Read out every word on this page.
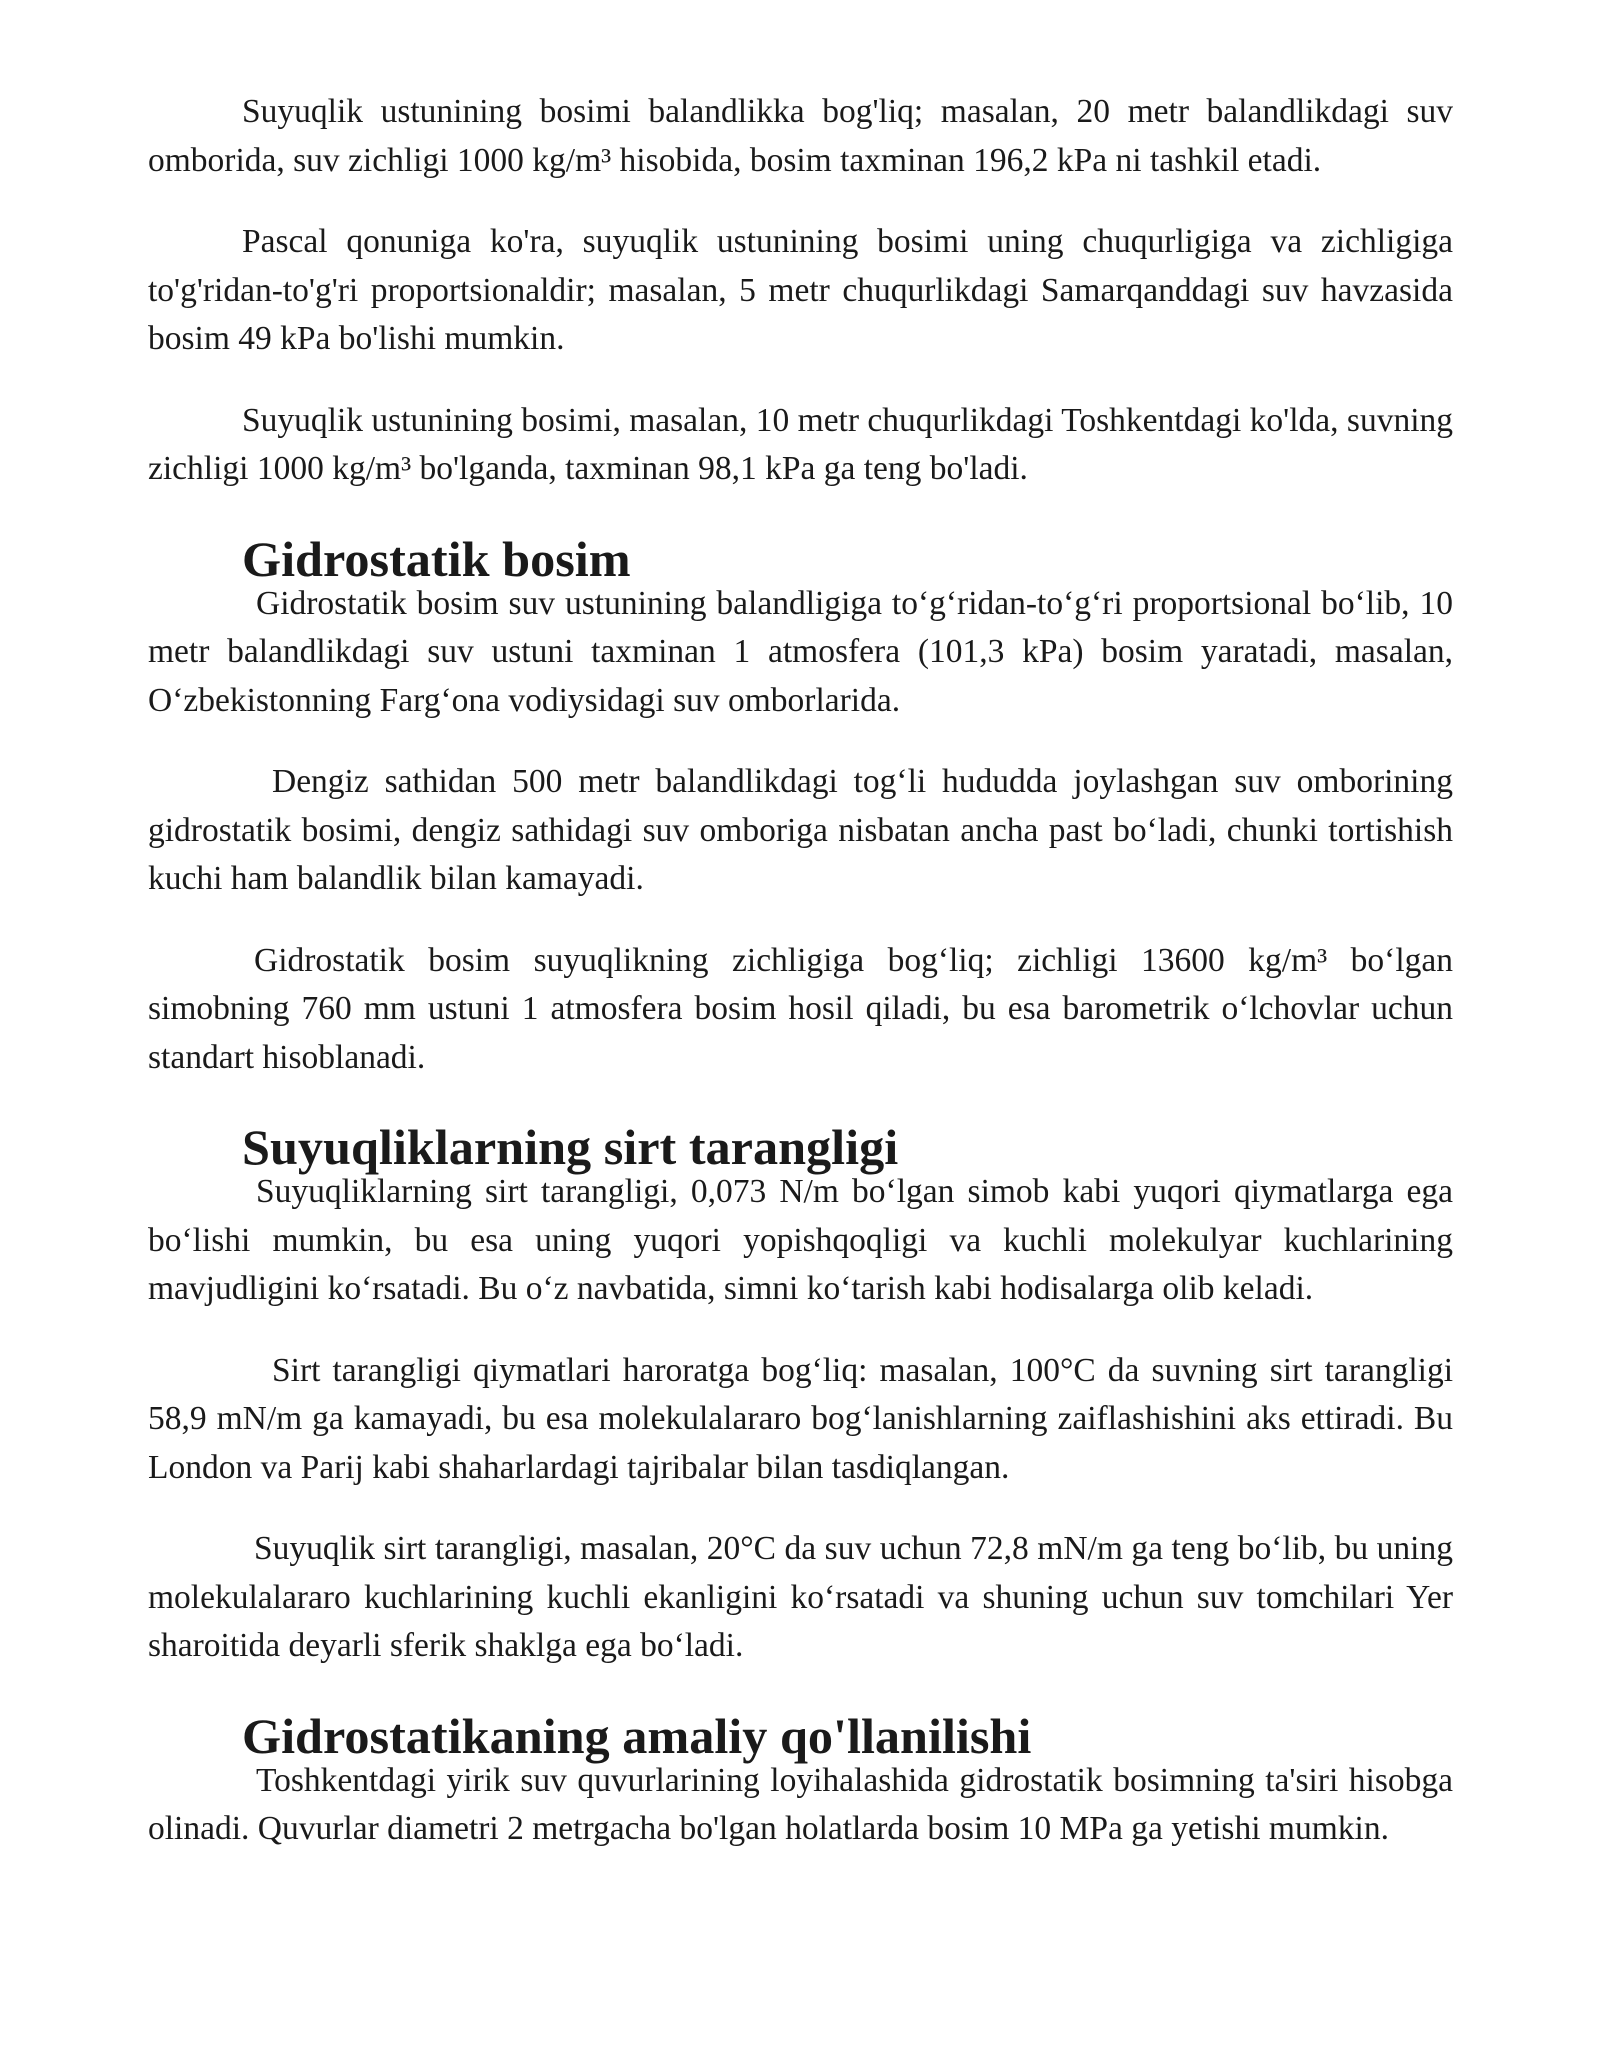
Suyuqlik ustunining bosimi balandlikka bog'liq; masalan, 20 metr balandlikdagi suv omborida, suv zichligi 1000 kg/m³ hisobida, bosim taxminan 196,2 kPa ni tashkil etadi.

Pascal qonuniga ko'ra, suyuqlik ustunining bosimi uning chuqurligiga va zichligiga to'g'ridan-to'g'ri proportsionaldir; masalan, 5 metr chuqurlikdagi Samarqanddagi suv havzasida bosim 49 kPa bo'lishi mumkin.

Suyuqlik ustunining bosimi, masalan, 10 metr chuqurlikdagi Toshkentdagi ko'lda, suvning zichligi 1000 kg/m³ bo'lganda, taxminan 98,1 kPa ga teng bo'ladi.

Gidrostatik bosim

Gidrostatik bosim suv ustunining balandligiga to‘g‘ridan-to‘g‘ri proportsional bo‘lib, 10 metr balandlikdagi suv ustuni taxminan 1 atmosfera (101,3 kPa) bosim yaratadi, masalan, O‘zbekistonning Farg‘ona vodiysidagi suv omborlarida.

Dengiz sathidan 500 metr balandlikdagi tog‘li hududda joylashgan suv omborining gidrostatik bosimi, dengiz sathidagi suv omboriga nisbatan ancha past bo‘ladi, chunki tortishish kuchi ham balandlik bilan kamayadi.

Gidrostatik bosim suyuqlikning zichligiga bog‘liq; zichligi 13600 kg/m³ bo‘lgan simobning 760 mm ustuni 1 atmosfera bosim hosil qiladi, bu esa barometrik o‘lchovlar uchun standart hisoblanadi.

Suyuqliklarning sirt tarangligi

Suyuqliklarning sirt tarangligi, 0,073 N/m bo‘lgan simob kabi yuqori qiymatlarga ega bo‘lishi mumkin, bu esa uning yuqori yopishqoqligi va kuchli molekulyar kuchlarining mavjudligini ko‘rsatadi. Bu o‘z navbatida, simni ko‘tarish kabi hodisalarga olib keladi.

Sirt tarangligi qiymatlari haroratga bog‘liq: masalan, 100°C da suvning sirt tarangligi 58,9 mN/m ga kamayadi, bu esa molekulalararo bog‘lanishlarning zaiflashishini aks ettiradi. Bu London va Parij kabi shaharlardagi tajribalar bilan tasdiqlangan.

Suyuqlik sirt tarangligi, masalan, 20°C da suv uchun 72,8 mN/m ga teng bo‘lib, bu uning molekulalararo kuchlarining kuchli ekanligini ko‘rsatadi va shuning uchun suv tomchilari Yer sharoitida deyarli sferik shaklga ega bo‘ladi.

Gidrostatikaning amaliy qo'llanilishi

Toshkentdagi yirik suv quvurlarining loyihalashida gidrostatik bosimning ta'siri hisobga olinadi. Quvurlar diametri 2 metrgacha bo'lgan holatlarda bosim 10 MPa ga yetishi mumkin.
